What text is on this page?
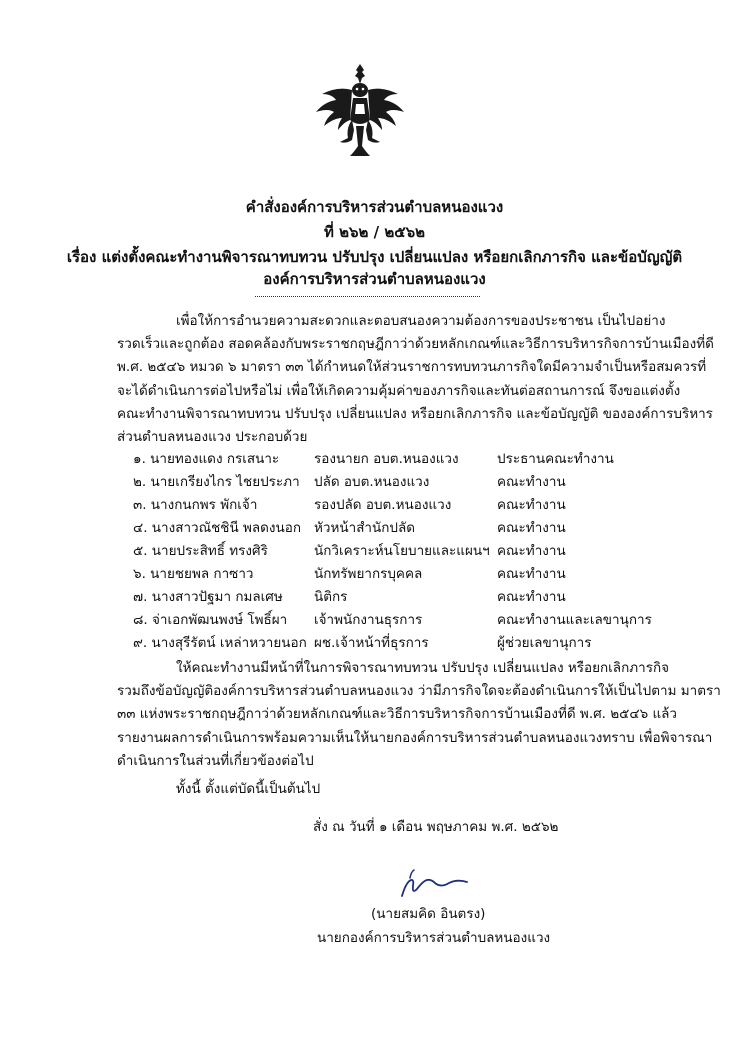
คำสั่งองค์การบริหารส่วนตำบลหนองแวง
ที่ ๒๖๒ / ๒๕๖๒
เรื่อง แต่งตั้งคณะทำงานพิจารณาทบทวน ปรับปรุง เปลี่ยนแปลง หรือยกเลิกภารกิจ และข้อบัญญัติ
องค์การบริหารส่วนตำบลหนองแวง
เพื่อให้การอำนวยความสะดวกและตอบสนองความต้องการของประชาชน เป็นไปอย่าง
รวดเร็วและถูกต้อง สอดคล้องกับพระราชกฤษฎีกาว่าด้วยหลักเกณฑ์และวิธีการบริหารกิจการบ้านเมืองที่ดี
พ.ศ. ๒๕๔๖ หมวด ๖ มาตรา ๓๓ ได้กำหนดให้ส่วนราชการทบทวนภารกิจใดมีความจำเป็นหรือสมควรที่
จะได้ดำเนินการต่อไปหรือไม่ เพื่อให้เกิดความคุ้มค่าของภารกิจและทันต่อสถานการณ์ จึงขอแต่งตั้ง
คณะทำงานพิจารณาทบทวน ปรับปรุง เปลี่ยนแปลง หรือยกเลิกภารกิจ และข้อบัญญัติ ขององค์การบริหาร
ส่วนตำบลหนองแวง ประกอบด้วย
๑. นายทองแดง กรเสนาะ	รองนายก อบต.หนองแวง	ประธานคณะทำงาน
๒. นายเกรียงไกร ไชยประภา ปลัด อบต.หนองแวง	คณะทำงาน
๓. นางกนกพร พักเจ้า	รองปลัด อบต.หนองแวง	คณะทำงาน
๔. นางสาวณัชชินี พลดงนอก หัวหน้าสำนักปลัด	คณะทำงาน
๕. นายประสิทธิ์ ทรงศิริ	นักวิเคราะห์นโยบายและแผนฯ คณะทำงาน
๖. นายชยพล กาซาว	นักทรัพยากรบุคคล	คณะทำงาน
๗. นางสาวปัฐมา กมลเศษ นิติกร	คณะทำงาน
๘. จ่าเอกพัฒนพงษ์ โพธิ์ผา เจ้าพนักงานธุรการ	คณะทำงานและเลขานุการ
๙. นางสุรีรัตน์ เหล่าหวายนอก ผช.เจ้าหน้าที่ธุรการ	ผู้ช่วยเลขานุการ
ให้คณะทำงานมีหน้าที่ในการพิจารณาทบทวน ปรับปรุง เปลี่ยนแปลง หรือยกเลิกภารกิจ
รวมถึงข้อบัญญัติองค์การบริหารส่วนตำบลหนองแวง ว่ามีภารกิจใดจะต้องดำเนินการให้เป็นไปตาม มาตรา
๓๓ แห่งพระราชกฤษฎีกาว่าด้วยหลักเกณฑ์และวิธีการบริหารกิจการบ้านเมืองที่ดี พ.ศ. ๒๕๔๖ แล้ว
รายงานผลการดำเนินการพร้อมความเห็นให้นายกองค์การบริหารส่วนตำบลหนองแวงทราบ เพื่อพิจารณา
ดำเนินการในส่วนที่เกี่ยวข้องต่อไป
ทั้งนี้ ตั้งแต่บัดนี้เป็นต้นไป
สั่ง ณ วันที่ ๑ เดือน พฤษภาคม พ.ศ. ๒๕๖๒
(นายสมคิด อินตรง)
นายกองค์การบริหารส่วนตำบลหนองแวง
